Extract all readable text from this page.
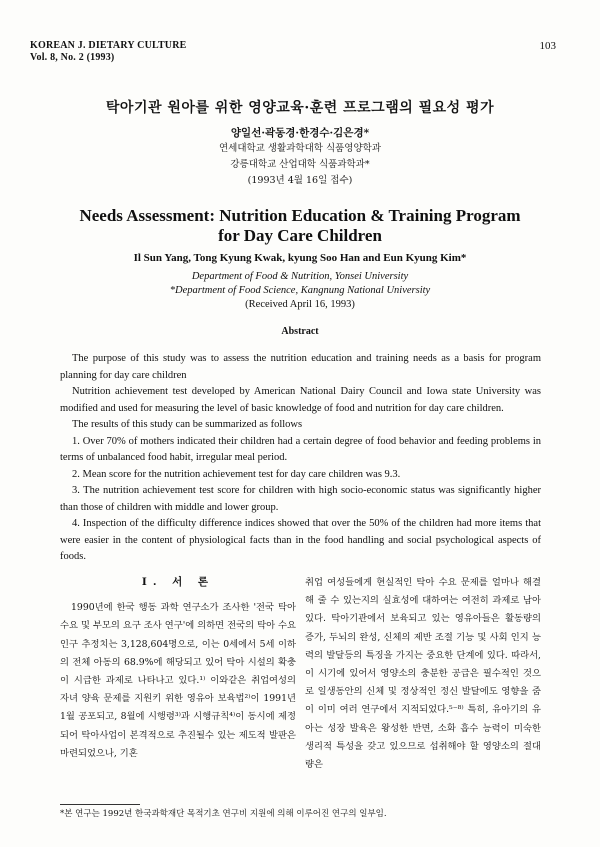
KOREAN J. DIETARY CULTURE
Vol. 8, No. 2 (1993)
103
탁아기관 원아를 위한 영양교육·훈련 프로그램의 필요성 평가
양일선·곽동경·한경수·김은경*
연세대학교 생활과학대학 식품영양학과
강릉대학교 산업대학 식품과학과*
(1993년 4월 16일 접수)
Needs Assessment: Nutrition Education & Training Program
for Day Care Children
Il Sun Yang, Tong Kyung Kwak, kyung Soo Han and Eun Kyung Kim*
Department of Food & Nutrition, Yonsei University
*Department of Food Science, Kangnung National University
(Received April 16, 1993)
Abstract

The purpose of this study was to assess the nutrition education and training needs as a basis for program planning for day care children

Nutrition achievement test developed by American National Dairy Council and Iowa state University was modified and used for measuring the level of basic knowledge of food and nutrition for day care children.

The results of this study can be summarized as follows

1. Over 70% of mothers indicated their children had a certain degree of food behavior and feeding problems in terms of unbalanced food habit, irregular meal period.

2. Mean score for the nutrition achievement test for day care children was 9.3.

3. The nutrition achievement test score for children with high socio-economic status was significantly higher than those of children with middle and lower group.

4. Inspection of the difficulty difference indices showed that over the 50% of the children had more items that were easier in the content of physiological facts than in the food handling and social psychological aspects of foods.

I. 서 론

1990년에 한국 행동 과학 연구소가 조사한 '전국 탁아 수요 및 부모의 요구 조사 연구'에 의하면 전국의 탁아 수요 인구 추정치는 3,128,604명으로, 이는 0세에서 5세 이하의 전체 아동의 68.9%에 해당되고 있어 탁아 시설의 확충이 시급한 과제로 나타나고 있다.¹⁾ 이와같은 취업여성의 자녀 양육 문제를 지원키 위한 영유아 보육법²⁾이 1991년 1월 공포되고, 8월에 시행령³⁾과 시행규칙⁴⁾이 동시에 제정되어 탁아사업이 본격적으로 추진될수 있는 제도적 발판은 마련되었으나, 기혼

취업 여성들에게 현실적인 탁아 수요 문제를 얼마나 해결해 줄 수 있는지의 실효성에 대하여는 여전히 과제로 남아 있다. 탁아기관에서 보육되고 있는 영유아들은 활동량의 증가, 두뇌의 완성, 신체의 제반 조절 기능 및 사회 인지 능력의 발달등의 특징을 가지는 중요한 단계에 있다. 따라서, 이 시기에 있어서 영양소의 충분한 공급은 필수적인 것으로 일생동안의 신체 및 정상적인 정신 발달에도 영향을 줌이 이미 여러 연구에서 지적되었다.⁵⁻⁸⁾ 특히, 유아기의 유아는 성장 발육은 왕성한 반면, 소화 흡수 능력이 미숙한 생리적 특성을 갖고 있으므로 섭취해야 할 영양소의 절대량은

*본 연구는 1992년 한국과학재단 목적기초 연구비 지원에 의해 이루어진 연구의 일부임.
